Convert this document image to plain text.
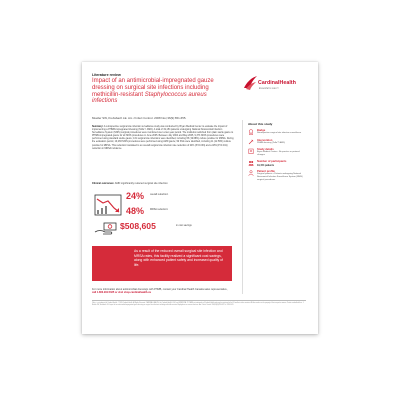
Literature review
Impact of an antimicrobial-impregnated gauze dressing on surgical site infections including methicillin-resistant Staphylococcus aureus infections
CardinalHealth
Essential to care™
Mueller SW, Krebsbach LE. Am J Infect Control. 2008 Nov;36(9):651-655.
Summary: A retrospective surgical site infection surveillance study was conducted by Bryan Medical Center to evaluate the impact of implementing a PHMB-impregnated dressing (Telfa™ AMD). A total of 19,154 patients undergoing National Nosocomial Infection Surveillance System (NNIS) surgical procedures were monitored over a two-year period. The institution switched from plain sterile gauze to PHMB-impregnated gauze for all NNIS procedures in June 2005. Between July 2004 and May 2005, 9,373 NNIS procedures were performed using standard sterile gauze; 131 surgical site infections were identified, including 65 (19.68%) culture positive for MRSA. During the evaluation period, 10,283 NNIS procedures were performed using AMD gauze; 99 SSIs were identified, including 11 (12.59%) culture positive for MRSA. This reduction translated to an overall surgical site infection rate reduction of 24% (P=0.033) and a 48% (P=0.041) reduction in MRSA incidence.
Clinical outcomes: AMD significantly reduced surgical site infection
24% overall reduction¹
48% MRSA reduction¹
$508,605	in cost savings
As a result of the reduced overall surgical site infection and MRSA rates, this facility realized a significant cost savings, along with enhanced patient safety and increased quality of life.
For more information about antimicrobial dressings with PHMB, contact your Cardinal Health Canada sales representative,
call 1.800.291.5025 or visit shop.cardinalhealth.ca
Telfa™ is a trademark of Cardinal Health. © 2020 Cardinal Health. All Rights Reserved. CARDINAL HEALTH, the Cardinal Health LOGO and ESSENTIAL TO CARE are trademarks of Cardinal Health and may be registered in the US and/or in other countries. All other marks are the property of their respective owners. Patent cardinalhealth.ca. 1. Mueller SW, Krebsbach LE. Impact of an antimicrobial-impregnated gauze dressing on surgical site infections including methicillin-resistant Staphylococcus aureus infections. Am J Infect Control. 2008;36(9):651-655. Lit. 2020-1051.
About this study
Badge
Retrospective surgical site infection surveillance
Intervention
PHMB dressing (Telfa™ AMD)
Study details
Bryan Medical Center • No practice or protocol changes
Number of participants
19,154 patients
Patient profile
Surgical patients • Patients undergoing National Nosocomial Infection Surveillance System (NNIS) surgical procedures
